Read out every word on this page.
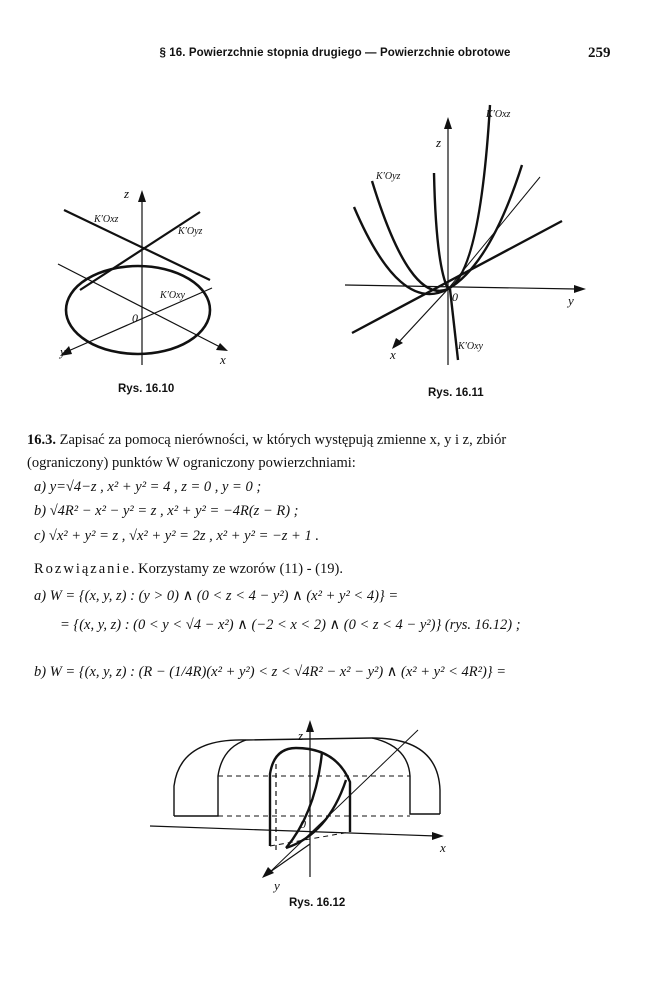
§ 16. Powierzchnie stopnia drugiego — Powierzchnie obrotowe	259
z
y
x
0
K′Oxz
K′Oyz
K′Oxy
Rys. 16.10
z
y
x
0
K′Oxz
K′Oyz
K′Oxy
Rys. 16.11
16.3. Zapisać za pomocą nierówności, w których występują zmienne x, y i z, zbiór
(ograniczony) punktów W ograniczony powierzchniami:
a) y=√4−z , x² + y² = 4 , z = 0 , y = 0 ;
b) √4R² − x² − y² = z , x² + y² = −4R(z − R) ;
c) √x² + y² = z , √x² + y² = 2z , x² + y² = −z + 1 .
Rozwiązanie. Korzystamy ze wzorów (11) - (19).
a) W = {(x, y, z) : (y > 0) ∧ (0 < z < 4 − y²) ∧ (x² + y² < 4)} =
= {(x, y, z) : (0 < y < √4 − x²) ∧ (−2 < x < 2) ∧ (0 < z < 4 − y²)} (rys. 16.12) ;
b) W = {(x, y, z) : (R − (1/4R)(x² + y²) < z < √4R² − x² − y²) ∧ (x² + y² < 4R²)} =
z
x
y
0
Rys. 16.12
